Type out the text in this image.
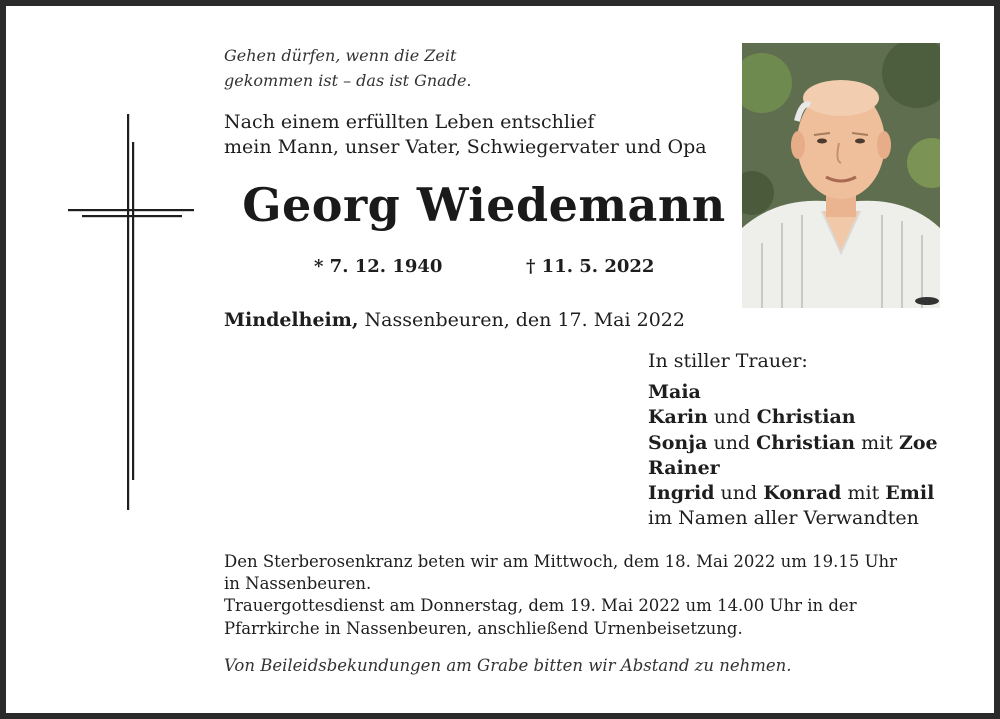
Gehen dürfen, wenn die Zeit
gekommen ist – das ist Gnade.
Nach einem erfüllten Leben entschlief
mein Mann, unser Vater, Schwiegervater und Opa
Georg Wiedemann
* 7. 12. 1940	† 11. 5. 2022
Mindelheim, Nassenbeuren, den 17. Mai 2022
In stiller Trauer:
Maia
Karin und Christian
Sonja und Christian mit Zoe
Rainer
Ingrid und Konrad mit Emil
im Namen aller Verwandten
Den Sterberosenkranz beten wir am Mittwoch, dem 18. Mai 2022 um 19.15 Uhr
in Nassenbeuren.
Trauergottesdienst am Donnerstag, dem 19. Mai 2022 um 14.00 Uhr in der
Pfarrkirche in Nassenbeuren, anschließend Urnenbeisetzung.
Von Beileidsbekundungen am Grabe bitten wir Abstand zu nehmen.
